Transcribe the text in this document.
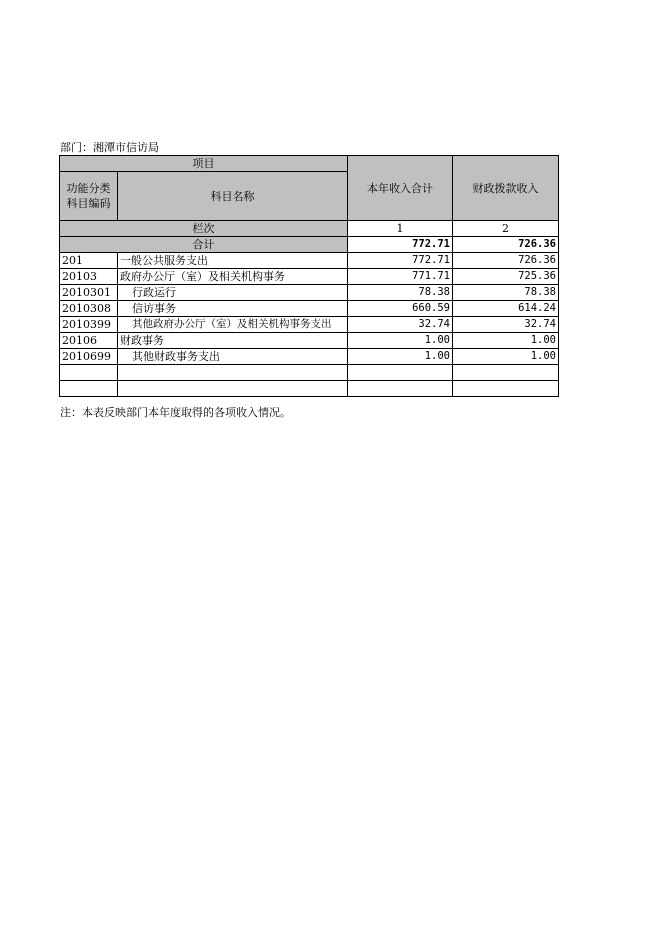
部门：湘潭市信访局
项目		本年收入合计	财政拨款收入

功能分类
科目编码	科目名称		
栏次		1	2
合计		772.71	726.36
201	一般公共服务支出	772.71	726.36
20103	政府办公厅（室）及相关机构事务	771.71	725.36
2010301	行政运行	78.38	78.38
2010308	信访事务	660.59	614.24
2010399	其他政府办公厅（室）及相关机构事务支出	32.74	32.74
20106	财政事务	1.00	1.00
2010699	其他财政事务支出	1.00	1.00

注：本表反映部门本年度取得的各项收入情况。
